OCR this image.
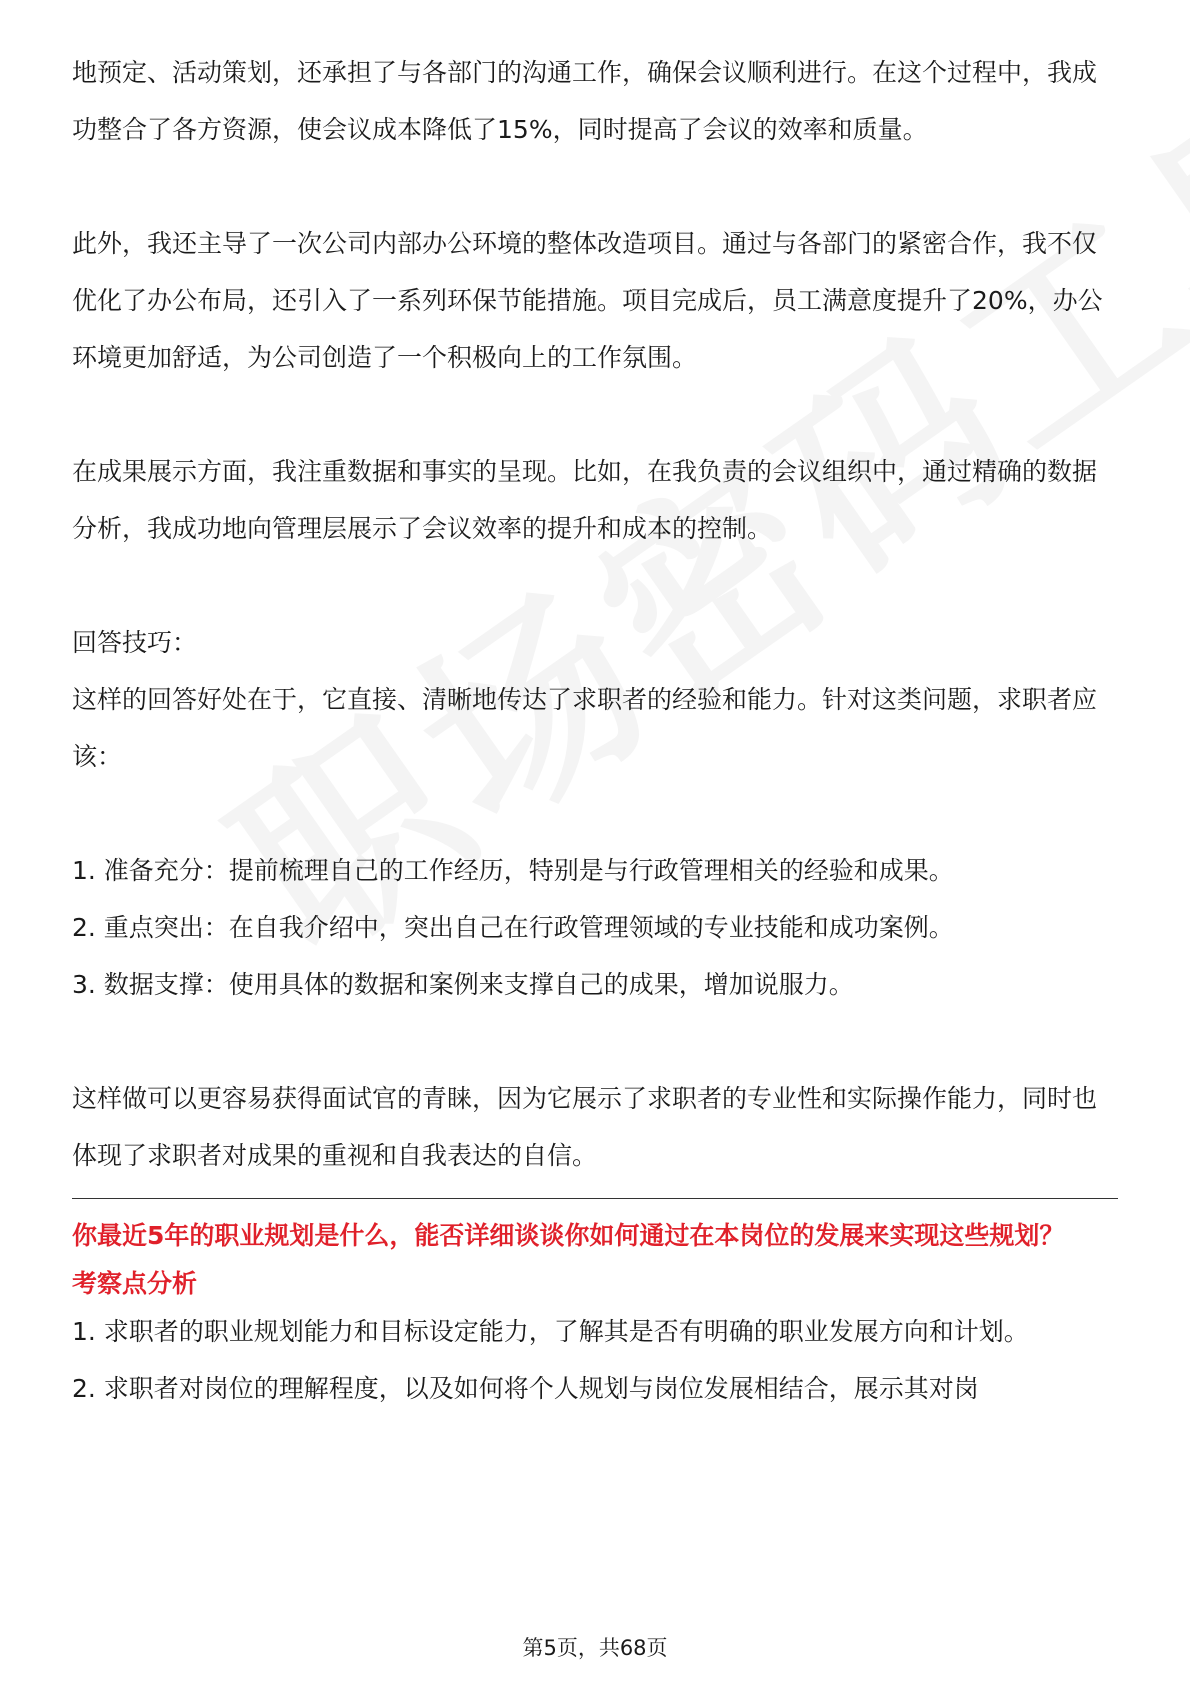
地预定、活动策划，还承担了与各部门的沟通工作，确保会议顺利进行。在这个过程中，我成功整合了各方资源，使会议成本降低了15%，同时提高了会议的效率和质量。

此外，我还主导了一次公司内部办公环境的整体改造项目。通过与各部门的紧密合作，我不仅优化了办公布局，还引入了一系列环保节能措施。项目完成后，员工满意度提升了20%，办公环境更加舒适，为公司创造了一个积极向上的工作氛围。

在成果展示方面，我注重数据和事实的呈现。比如，在我负责的会议组织中，通过精确的数据分析，我成功地向管理层展示了会议效率的提升和成本的控制。

回答技巧：

这样的回答好处在于，它直接、清晰地传达了求职者的经验和能力。针对这类问题，求职者应该：

1. 准备充分：提前梳理自己的工作经历，特别是与行政管理相关的经验和成果。

2. 重点突出：在自我介绍中，突出自己在行政管理领域的专业技能和成功案例。

3. 数据支撑：使用具体的数据和案例来支撑自己的成果，增加说服力。

这样做可以更容易获得面试官的青睐，因为它展示了求职者的专业性和实际操作能力，同时也体现了求职者对成果的重视和自我表达的自信。

你最近5年的职业规划是什么，能否详细谈谈你如何通过在本岗位的发展来实现这些规划？

考察点分析

1. 求职者的职业规划能力和目标设定能力，了解其是否有明确的职业发展方向和计划。

2. 求职者对岗位的理解程度，以及如何将个人规划与岗位发展相结合，展示其对岗

第5页，共68页
